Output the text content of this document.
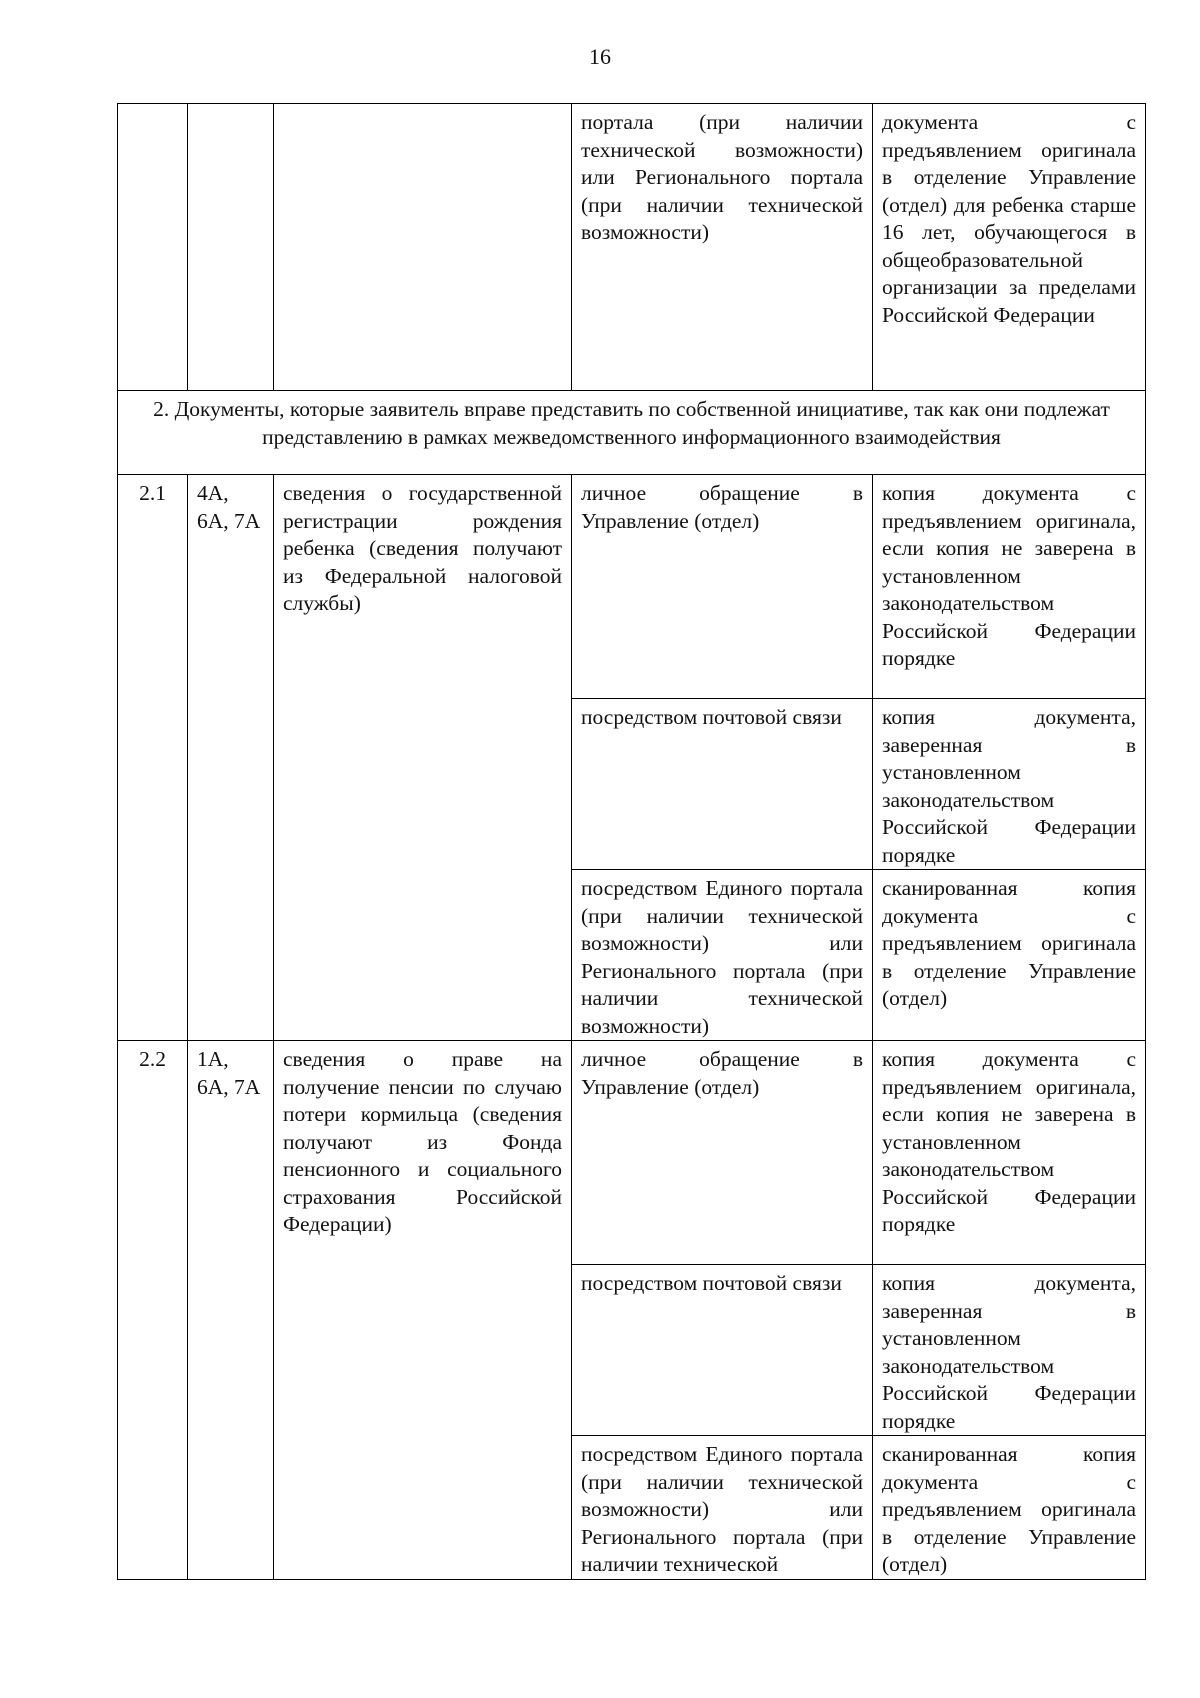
16
			портала (при наличии технической возможности) или Регионального портала (при наличии технической возможности)	документа с предъявлением оригинала в отделение Управление (отдел) для ребенка старше 16 лет, обучающегося в общеобразовательной организации за пределами Российской Федерации
2. Документы, которые заявитель вправе представить по собственной инициативе, так как они подлежат представлению в рамках межведомственного информационного взаимодействия				
2.1	4А, 6А, 7А	сведения о государственной регистрации рождения ребенка (сведения получают из Федеральной налоговой службы)	личное обращение в Управление (отдел)	копия документа с предъявлением оригинала, если копия не заверена в установленном законодательством Российской Федерации порядке
			посредством почтовой связи	копия документа, заверенная в установленном законодательством Российской Федерации порядке
			посредством Единого портала (при наличии технической возможности) или Регионального портала (при наличии технической возможности)	сканированная копия документа с предъявлением оригинала в отделение Управление (отдел)
2.2	1А, 6А, 7А	сведения о праве на получение пенсии по случаю потери кормильца (сведения получают из Фонда пенсионного и социального страхования Российской Федерации)	личное обращение в Управление (отдел)	копия документа с предъявлением оригинала, если копия не заверена в установленном законодательством Российской Федерации порядке
			посредством почтовой связи	копия документа, заверенная в установленном законодательством Российской Федерации порядке
			посредством Единого портала (при наличии технической возможности) или Регионального портала (при наличии технической	сканированная копия документа с предъявлением оригинала в отделение Управление (отдел)
